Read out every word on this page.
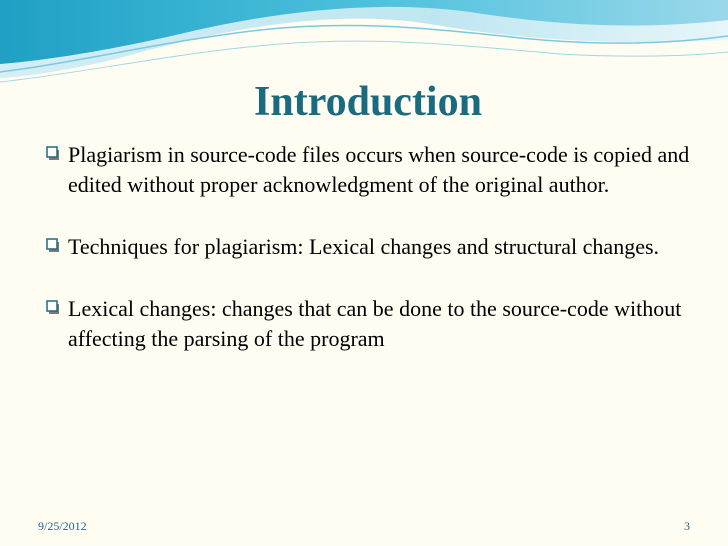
Introduction
Plagiarism in source-code files occurs when source-code is copied and edited without proper acknowledgment of the original author.
Techniques for plagiarism: Lexical changes and structural changes.
Lexical changes: changes that can be done to the source-code without affecting the parsing of the program
9/25/2012	3
